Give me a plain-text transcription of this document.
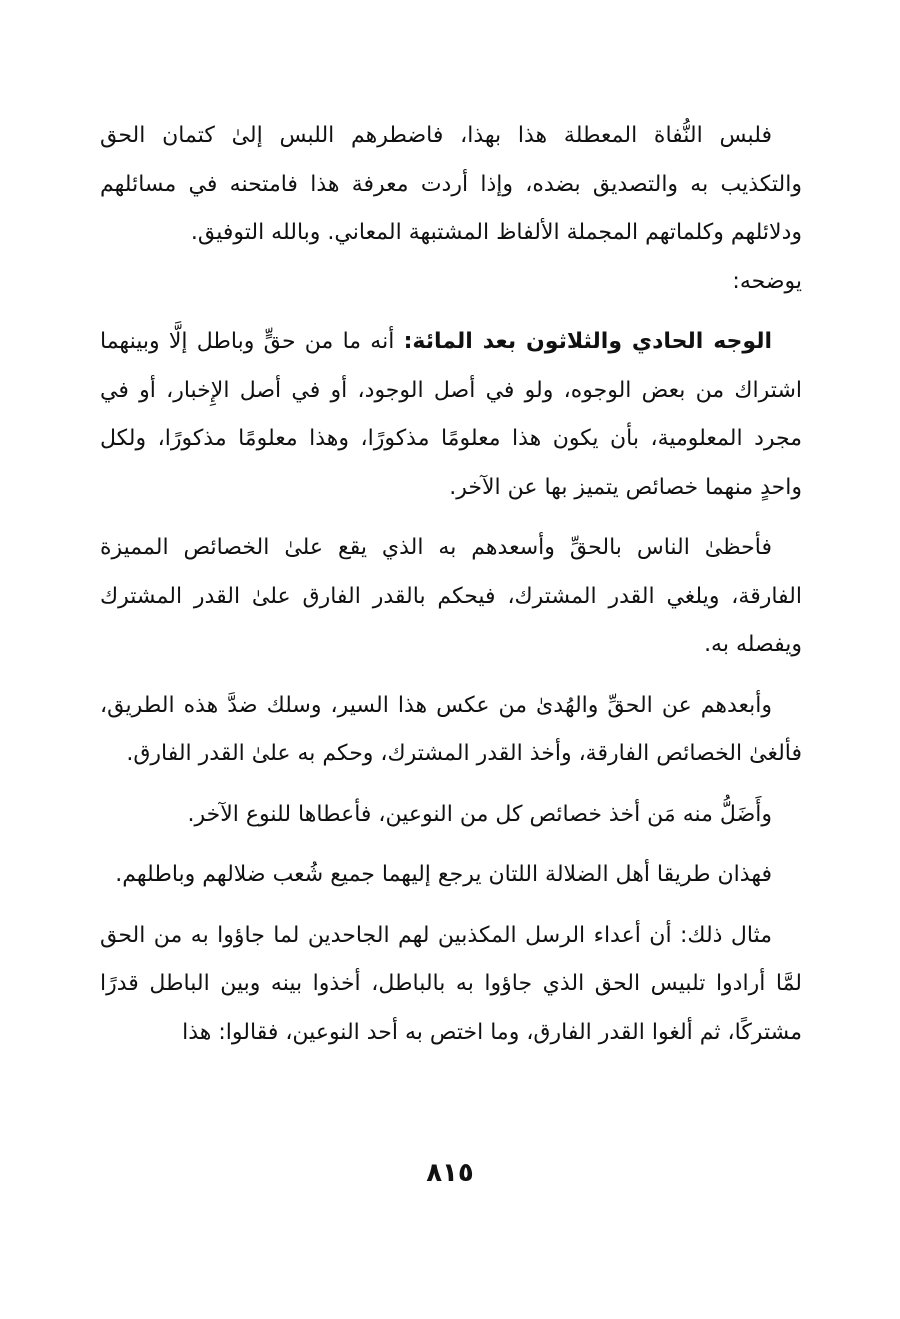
فلبس النُّفاة المعطلة هذا بهذا، فاضطرهم اللبس إلىٰ كتمان الحق والتكذيب به والتصديق بضده، وإذا أردت معرفة هذا فامتحنه في مسائلهم ودلائلهم وكلماتهم المجملة الألفاظ المشتبهة المعاني. وبالله التوفيق.

يوضحه:

الوجه الحادي والثلاثون بعد المائة: أنه ما من حقٍّ وباطل إلَّا وبينهما اشتراك من بعض الوجوه، ولو في أصل الوجود، أو في أصل الإِخبار، أو في مجرد المعلومية، بأن يكون هذا معلومًا مذكورًا، وهذا معلومًا مذكورًا، ولكل واحدٍ منهما خصائص يتميز بها عن الآخر.

فأحظىٰ الناس بالحقِّ وأسعدهم به الذي يقع علىٰ الخصائص المميزة الفارقة، ويلغي القدر المشترك، فيحكم بالقدر الفارق علىٰ القدر المشترك ويفصله به.

وأبعدهم عن الحقِّ والهُدىٰ من عكس هذا السير، وسلك ضدَّ هذه الطريق، فألغىٰ الخصائص الفارقة، وأخذ القدر المشترك، وحكم به علىٰ القدر الفارق.

وأَضَلُّ منه مَن أخذ خصائص كل من النوعين، فأعطاها للنوع الآخر.

فهذان طريقا أهل الضلالة اللتان يرجع إليهما جميع شُعب ضلالهم وباطلهم.

مثال ذلك: أن أعداء الرسل المكذبين لهم الجاحدين لما جاؤوا به من الحق لمَّا أرادوا تلبيس الحق الذي جاؤوا به بالباطل، أخذوا بينه وبين الباطل قدرًا مشتركًا، ثم ألغوا القدر الفارق، وما اختص به أحد النوعين، فقالوا: هذا

٨١٥
